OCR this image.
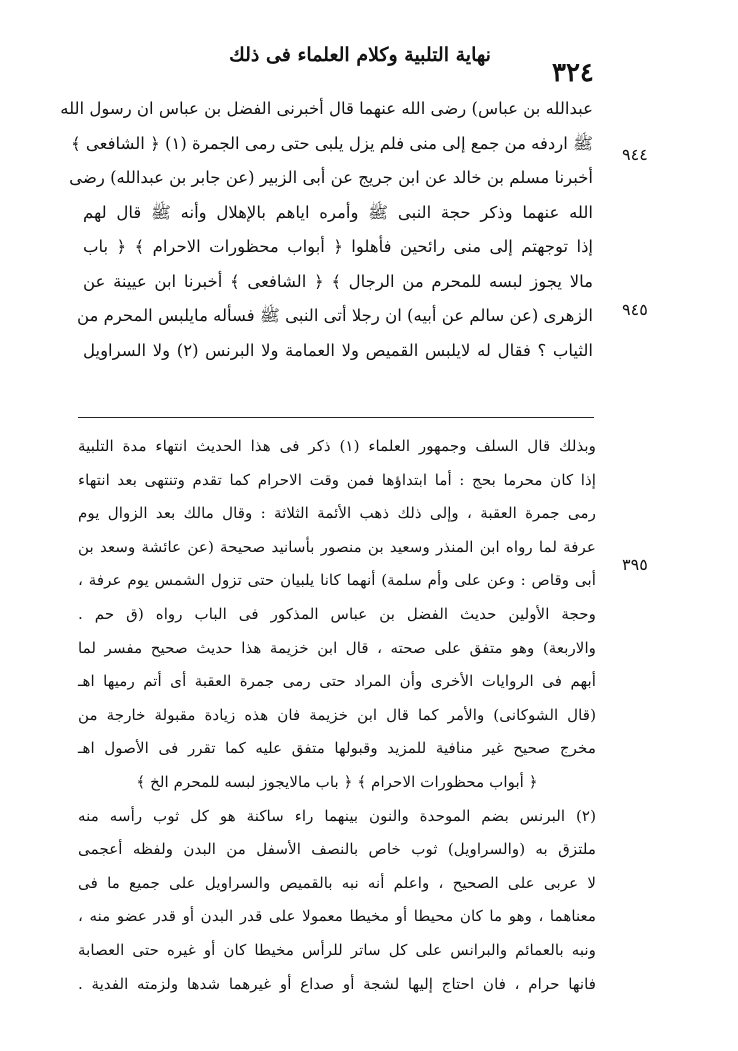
نهاية التلبية وكلام العلماء فى ذلك
٣٢٤
٩٤٤
٩٤٥
٣٩٥
عبدالله بن عباس) رضى الله عنهما قال أخبرنى الفضل بن عباس ان رسول الله
ﷺ اردفه من جمع إلى منى فلم يزل يلبى حتى رمى الجمرة (١) ﴿ الشافعى ﴾
أخبرنا مسلم بن خالد عن ابن جريج عن أبى الزبير (عن جابر بن عبدالله) رضى
الله عنهما وذكر حجة النبى ﷺ وأمره اياهم بالإهلال وأنه ﷺ قال لهم
إذا توجهتم إلى منى رائحين فأهلوا ﴿ أبواب محظورات الاحرام ﴾ ﴿ باب
مالا يجوز لبسه للمحرم من الرجال ﴾ ﴿ الشافعى ﴾ أخبرنا ابن عيينة عن
الزهرى (عن سالم عن أبيه) ان رجلا أتى النبى ﷺ فسأله مايلبس المحرم من
الثياب ؟ فقال له لايلبس القميص ولا العمامة ولا البرنس (٢) ولا السراويل
وبذلك قال السلف وجمهور العلماء (١) ذكر فى هذا الحديث انتهاء مدة التلبية
إذا كان محرما بحج : أما ابتداؤها فمن وقت الاحرام كما تقدم وتنتهى بعد انتهاء
رمى جمرة العقبة ، وإلى ذلك ذهب الأئمة الثلاثة : وقال مالك بعد الزوال يوم
عرفة لما رواه ابن المنذر وسعيد بن منصور بأسانيد صحيحة (عن عائشة وسعد بن
أبى وقاص : وعن على وأم سلمة) أنهما كانا يلبيان حتى تزول الشمس يوم عرفة ،
وحجة الأولين حديث الفضل بن عباس المذكور فى الباب رواه (ق حم .
والاربعة) وهو متفق على صحته ، قال ابن خزيمة هذا حديث صحيح مفسر لما
أبهم فى الروايات الأخرى وأن المراد حتى رمى جمرة العقبة أى أتم رميها اهـ
(قال الشوكانى) والأمر كما قال ابن خزيمة فان هذه زيادة مقبولة خارجة من
مخرج صحيح غير منافية للمزيد وقبولها متفق عليه كما تقرر فى الأصول اهـ
﴿ أبواب محظورات الاحرام ﴾ ﴿ باب مالايجوز لبسه للمحرم الخ ﴾
(٢) البرنس بضم الموحدة والنون بينهما راء ساكنة هو كل ثوب رأسه منه
ملتزق به (والسراويل) ثوب خاص بالنصف الأسفل من البدن ولفظه أعجمى
لا عربى على الصحيح ، واعلم أنه نبه بالقميص والسراويل على جميع ما فى
معناهما ، وهو ما كان محيطا أو مخيطا معمولا على قدر البدن أو قدر عضو منه ،
ونبه بالعمائم والبرانس على كل ساتر للرأس مخيطا كان أو غيره حتى العصابة
فانها حرام ، فان احتاج إليها لشجة أو صداع أو غيرهما شدها ولزمته الفدية .
